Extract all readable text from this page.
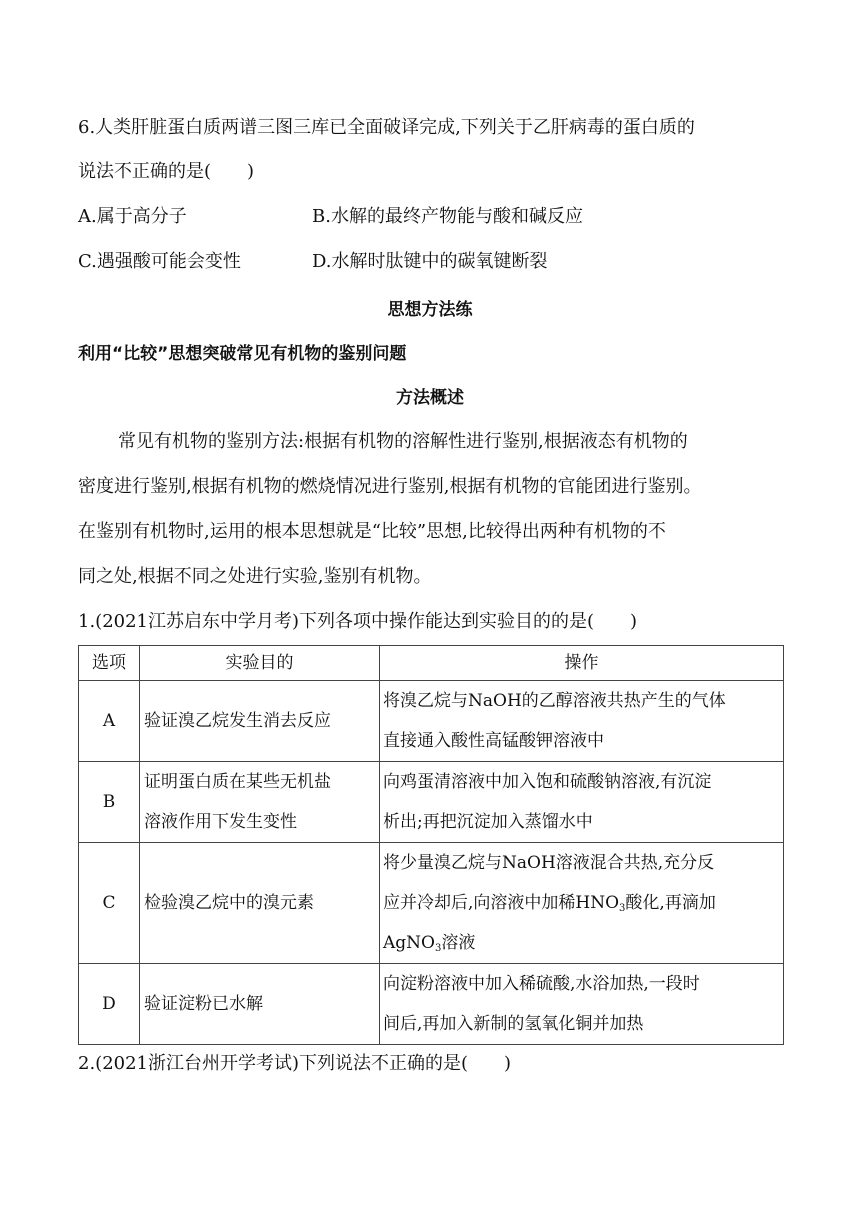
6.人类肝脏蛋白质两谱三图三库已全面破译完成,下列关于乙肝病毒的蛋白质的
说法不正确的是(　　)
A.属于高分子	B.水解的最终产物能与酸和碱反应
C.遇强酸可能会变性	D.水解时肽键中的碳氧键断裂
思想方法练
利用“比较”思想突破常见有机物的鉴别问题
方法概述
常见有机物的鉴别方法:根据有机物的溶解性进行鉴别,根据液态有机物的
密度进行鉴别,根据有机物的燃烧情况进行鉴别,根据有机物的官能团进行鉴别。
在鉴别有机物时,运用的根本思想就是“比较”思想,比较得出两种有机物的不
同之处,根据不同之处进行实验,鉴别有机物。
1.(2021江苏启东中学月考)下列各项中操作能达到实验目的的是(　　)
选项	实验目的	操作
A	验证溴乙烷发生消去反应	将溴乙烷与NaOH的乙醇溶液共热产生的气体
直接通入酸性高锰酸钾溶液中

B	证明蛋白质在某些无机盐
溶液作用下发生变性	向鸡蛋清溶液中加入饱和硫酸钠溶液,有沉淀
析出;再把沉淀加入蒸馏水中

C	检验溴乙烷中的溴元素	将少量溴乙烷与NaOH溶液混合共热,充分反
应并冷却后,向溶液中加稀$HNO_3$酸化,再滴加
AgNO$_3$溶液

D	验证淀粉已水解	向淀粉溶液中加入稀硫酸,水浴加热,一段时
间后,再加入新制的氢氧化铜并加热
2.(2021浙江台州开学考试)下列说法不正确的是(　　)
